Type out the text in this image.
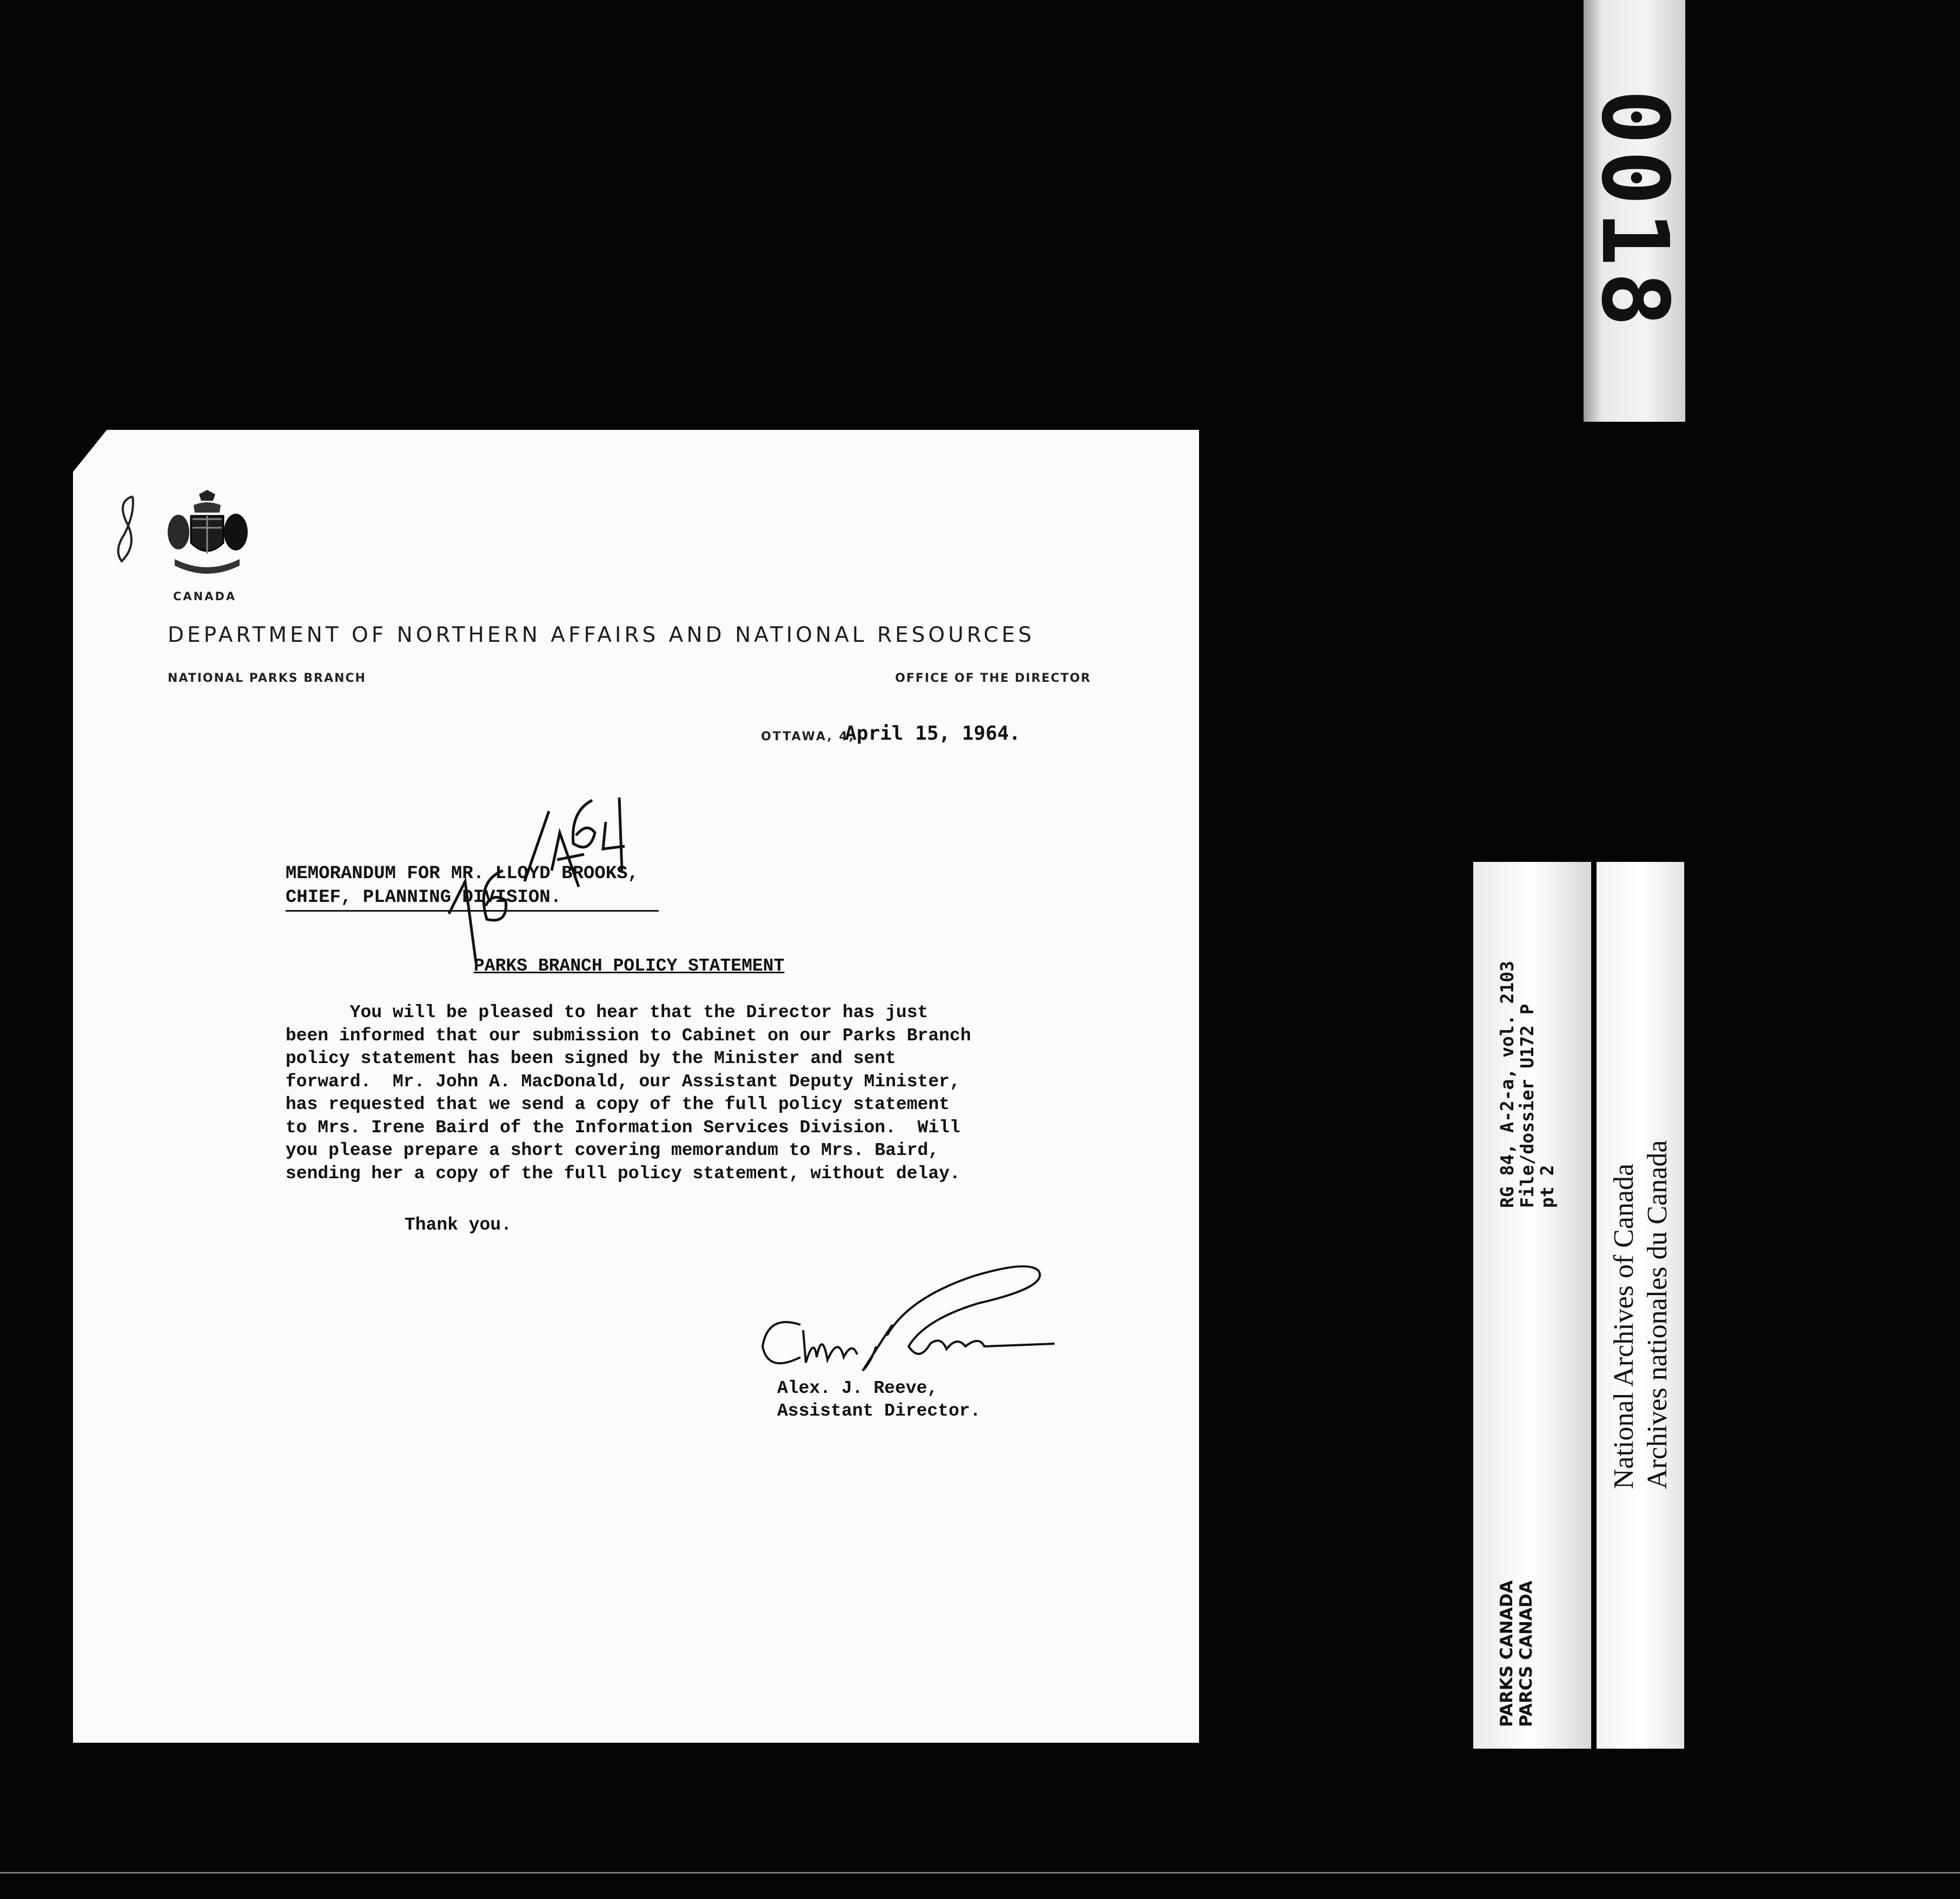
0018
CANADA
DEPARTMENT OF NORTHERN AFFAIRS AND NATIONAL RESOURCES
NATIONAL PARKS BRANCH	OFFICE OF THE DIRECTOR
OTTAWA, 4,
April 15, 1964.
MEMORANDUM FOR MR. LLOYD BROOKS,
CHIEF, PLANNING DIVISION.
PARKS BRANCH POLICY STATEMENT
You will be pleased to hear that the Director has just
been informed that our submission to Cabinet on our Parks Branch
policy statement has been signed by the Minister and sent
forward.  Mr. John A. MacDonald, our Assistant Deputy Minister,
has requested that we send a copy of the full policy statement
to Mrs. Irene Baird of the Information Services Division.  Will
you please prepare a short covering memorandum to Mrs. Baird,
sending her a copy of the full policy statement, without delay.
Thank you.
Alex. J. Reeve,
Assistant Director.
RG 84, A-2-a, vol. 2103
File/dossier U172 P
pt 2
PARKS CANADA
PARCS CANADA
National Archives of Canada
Archives nationales du Canada
